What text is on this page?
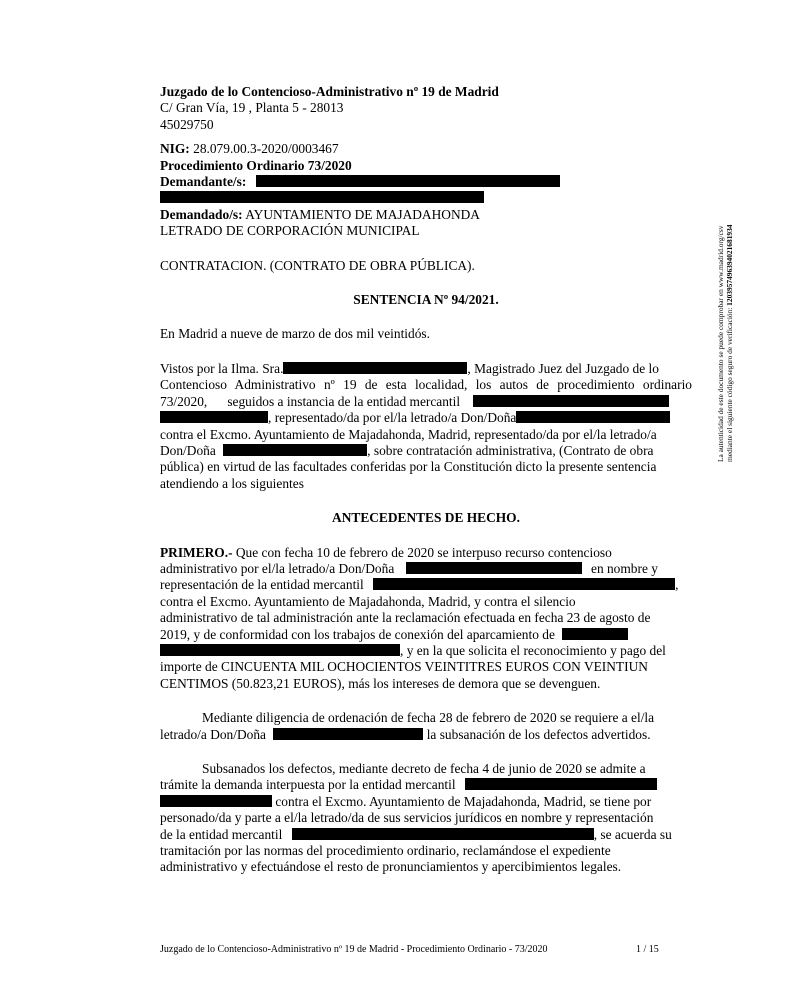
Juzgado de lo Contencioso-Administrativo nº 19 de Madrid
C/ Gran Vía, 19 , Planta 5 - 28013
45029750
NIG: 28.079.00.3-2020/0003467
Procedimiento Ordinario 73/2020
Demandante/s:
Demandado/s: AYUNTAMIENTO DE MAJADAHONDA
LETRADO DE CORPORACIÓN MUNICIPAL
CONTRATACION. (CONTRATO DE OBRA PÚBLICA).
SENTENCIA Nº 94/2021.
En Madrid a nueve de marzo de dos mil veintidós.
Vistos por la Ilma. Sra.	, Magistrado Juez del Juzgado de lo
Contencioso Administrativo nº 19 de esta localidad, los autos de procedimiento ordinario
73/2020,      seguidos a instancia de la entidad mercantil
, representado/da por el/la letrado/a Don/Doña
contra el Excmo. Ayuntamiento de Majadahonda, Madrid, representado/da por el/la letrado/a
Don/Doña	, sobre contratación administrativa, (Contrato de obra
pública) en virtud de las facultades conferidas por la Constitución dicto la presente sentencia
atendiendo a los siguientes
ANTECEDENTES DE HECHO.
PRIMERO.- Que con fecha 10 de febrero de 2020 se interpuso recurso contencioso
administrativo por el/la letrado/a Don/Doña	en nombre y
representación de la entidad mercantil	,
contra el Excmo. Ayuntamiento de Majadahonda, Madrid, y contra el silencio
administrativo de tal administración ante la reclamación efectuada en fecha 23 de agosto de
2019, y de conformidad con los trabajos de conexión del aparcamiento de
, y en la que solicita el reconocimiento y pago del
importe de CINCUENTA MIL OCHOCIENTOS VEINTITRES EUROS CON VEINTIUN
CENTIMOS (50.823,21 EUROS), más los intereses de demora que se devenguen.
Mediante diligencia de ordenación de fecha 28 de febrero de 2020 se requiere a el/la
letrado/a Don/Doña	la subsanación de los defectos advertidos.
Subsanados los defectos, mediante decreto de fecha 4 de junio de 2020 se admite a
trámite la demanda interpuesta por la entidad mercantil
contra el Excmo. Ayuntamiento de Majadahonda, Madrid, se tiene por
personado/da y parte a el/la letrado/da de sus servicios jurídicos en nombre y representación
de la entidad mercantil	, se acuerda su
tramitación por las normas del procedimiento ordinario, reclamándose el expediente
administrativo y efectuándose el resto de pronunciamientos y apercibimientos legales.
La autenticidad de este documento se puede comprobar en www.madrid.org/csv mediante el siguiente código seguro de verificación: 1203957496394021681934
Juzgado de lo Contencioso-Administrativo nº 19 de Madrid - Procedimiento Ordinario - 73/2020	1 / 15
